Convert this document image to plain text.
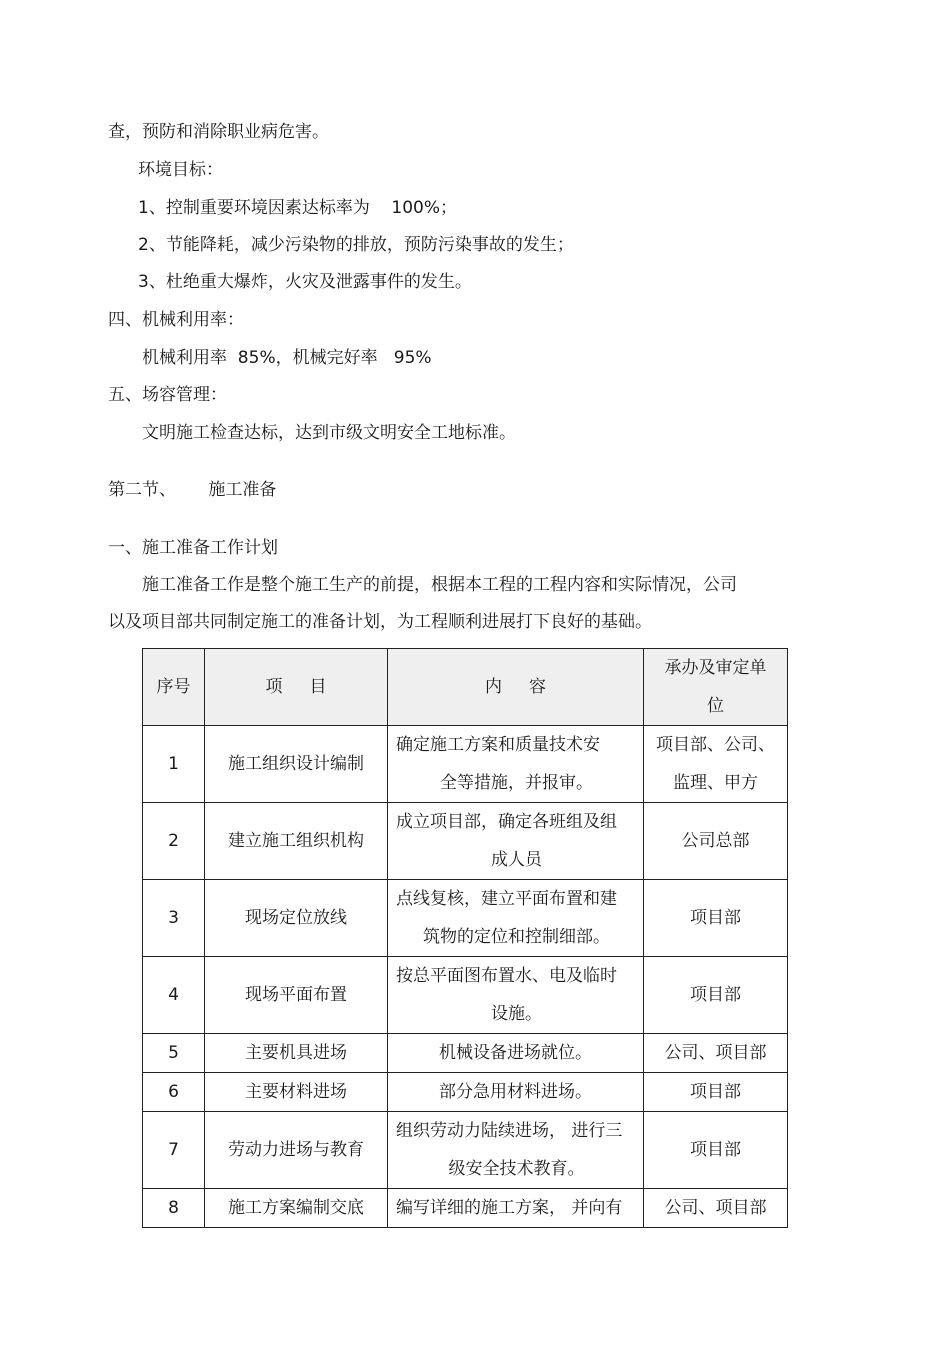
查，预防和消除职业病危害。
环境目标：
1、控制重要环境因素达标率为    100%；
2、节能降耗，减少污染物的排放，预防污染事故的发生；
3、杜绝重大爆炸，火灾及泄露事件的发生。
四、机械利用率：
机械利用率  85%，机械完好率   95%
五、场容管理：
文明施工检查达标，达到市级文明安全工地标准。
第二节、      施工准备
一、施工准备工作计划
施工准备工作是整个施工生产的前提，根据本工程的工程内容和实际情况，公司
以及项目部共同制定施工的准备计划，为工程顺利进展打下良好的基础。
序号	项     目	内     容	承办及审定单
位

1	施工组织设计编制	确定施工方案和质量技术安
全等措施，并报审。	项目部、公司、
监理、甲方

2	建立施工组织机构	成立项目部，确定各班组及组
成人员	公司总部
3	现场定位放线	点线复核，建立平面布置和建
筑物的定位和控制细部。	项目部
4	现场平面布置	按总平面图布置水、电及临时
设施。	项目部
5	主要机具进场	机械设备进场就位。	公司、项目部
6	主要材料进场	部分急用材料进场。	项目部
7	劳动力进场与教育	组织劳动力陆续进场， 进行三
级安全技术教育。	项目部
8	施工方案编制交底	编写详细的施工方案， 并向有	公司、项目部
